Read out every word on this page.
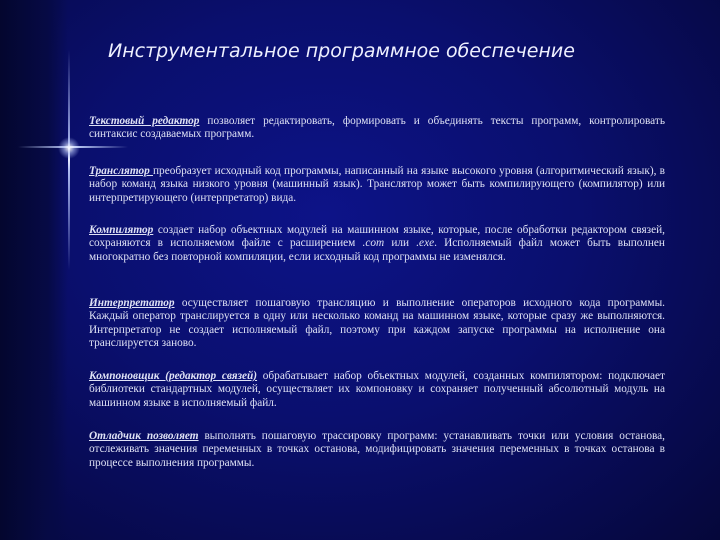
Инструментальное программное обеспечение

Текстовый редактор позволяет редактировать, формировать и объединять тексты программ, контролировать синтаксис создаваемых программ.

Транслятор преобразует исходный код программы, написанный на языке высокого уровня (алгоритмический язык), в набор команд языка низкого уровня (машинный язык). Транслятор может быть компилирующего (компилятор) или интерпретирующего (интерпретатор) вида.

Компилятор создает набор объектных модулей на машинном языке, которые, после обработки редактором связей, сохраняются в исполняемом файле с расширением .com или .exe. Исполняемый файл может быть выполнен многократно без повторной компиляции, если исходный код программы не изменялся.

Интерпретатор осуществляет пошаговую трансляцию и выполнение операторов исходного кода программы. Каждый оператор транслируется в одну или несколько команд на машинном языке, которые сразу же выполняются. Интерпретатор не создает исполняемый файл, поэтому при каждом запуске программы на исполнение она транслируется заново.

Компоновщик (редактор связей) обрабатывает набор объектных модулей, созданных компилятором: подключает библиотеки стандартных модулей, осуществляет их компоновку и сохраняет полученный абсолютный модуль на машинном языке в исполняемый файл.

Отладчик позволяет выполнять пошаговую трассировку программ: устанавливать точки или условия останова, отслеживать значения переменных в точках останова, модифицировать значения переменных в точках останова в процессе выполнения программы.
